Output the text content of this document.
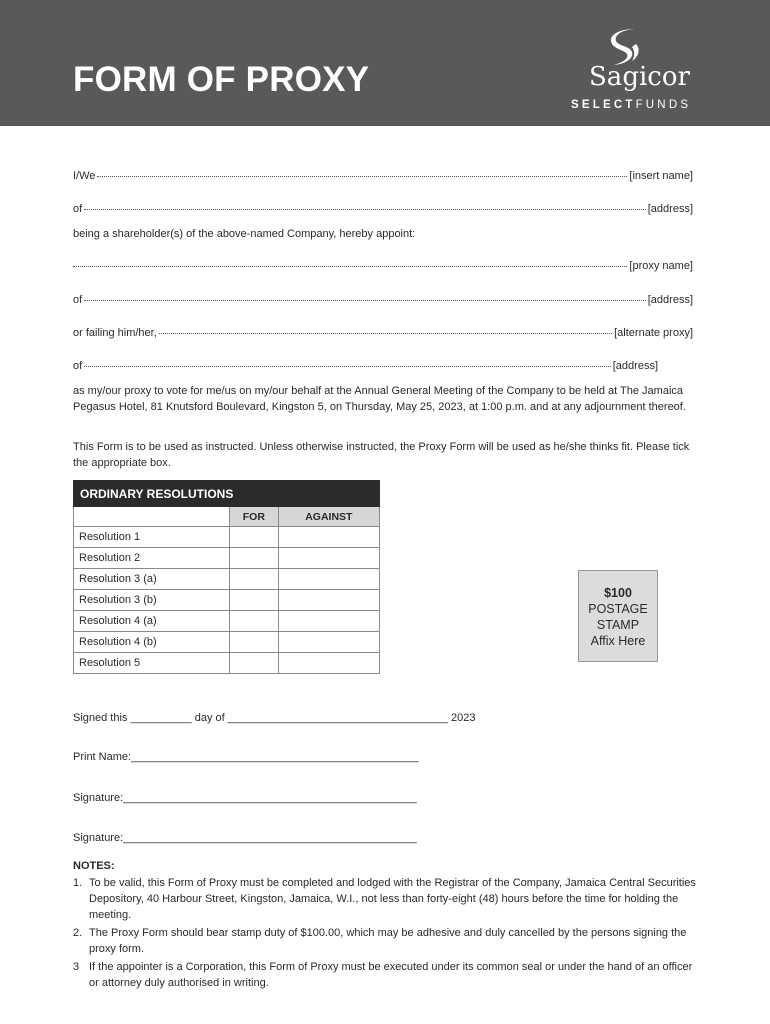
FORM OF PROXY	Sagicor
SELECTFUNDS
I/We	[insert name]
of	[address]
being a shareholder(s) of the above-named Company, hereby appoint:
[proxy name]
of	[address]
or failing him/her,	[alternate proxy]
of	[address]
as my/our proxy to vote for me/us on my/our behalf at the Annual General Meeting of the Company to be held at The Jamaica Pegasus Hotel, 81 Knutsford Boulevard, Kingston 5, on Thursday, May 25, 2023, at 1:00 p.m. and at any adjournment thereof.
This Form is to be used as instructed. Unless otherwise instructed, the Proxy Form will be used as he/she thinks fit. Please tick the appropriate box.
ORDINARY RESOLUTIONS		
	FOR	AGAINST
Resolution 1		
Resolution 2		
Resolution 3 (a)		
Resolution 3 (b)		
Resolution 4 (a)		
Resolution 4 (b)		
Resolution 5		
$100
POSTAGE
STAMP
Affix Here
Signed this __________ day of ____________________________________ 2023
Print Name:_______________________________________________
Signature:________________________________________________
Signature:________________________________________________
NOTES:
1. To be valid, this Form of Proxy must be completed and lodged with the Registrar of the Company, Jamaica Central Securities Depository, 40 Harbour Street, Kingston, Jamaica, W.I., not less than forty-eight (48) hours before the time for holding the meeting.
2. The Proxy Form should bear stamp duty of $100.00, which may be adhesive and duly cancelled by the persons signing the proxy form.
3 If the appointer is a Corporation, this Form of Proxy must be executed under its common seal or under the hand of an officer or attorney duly authorised in writing.
